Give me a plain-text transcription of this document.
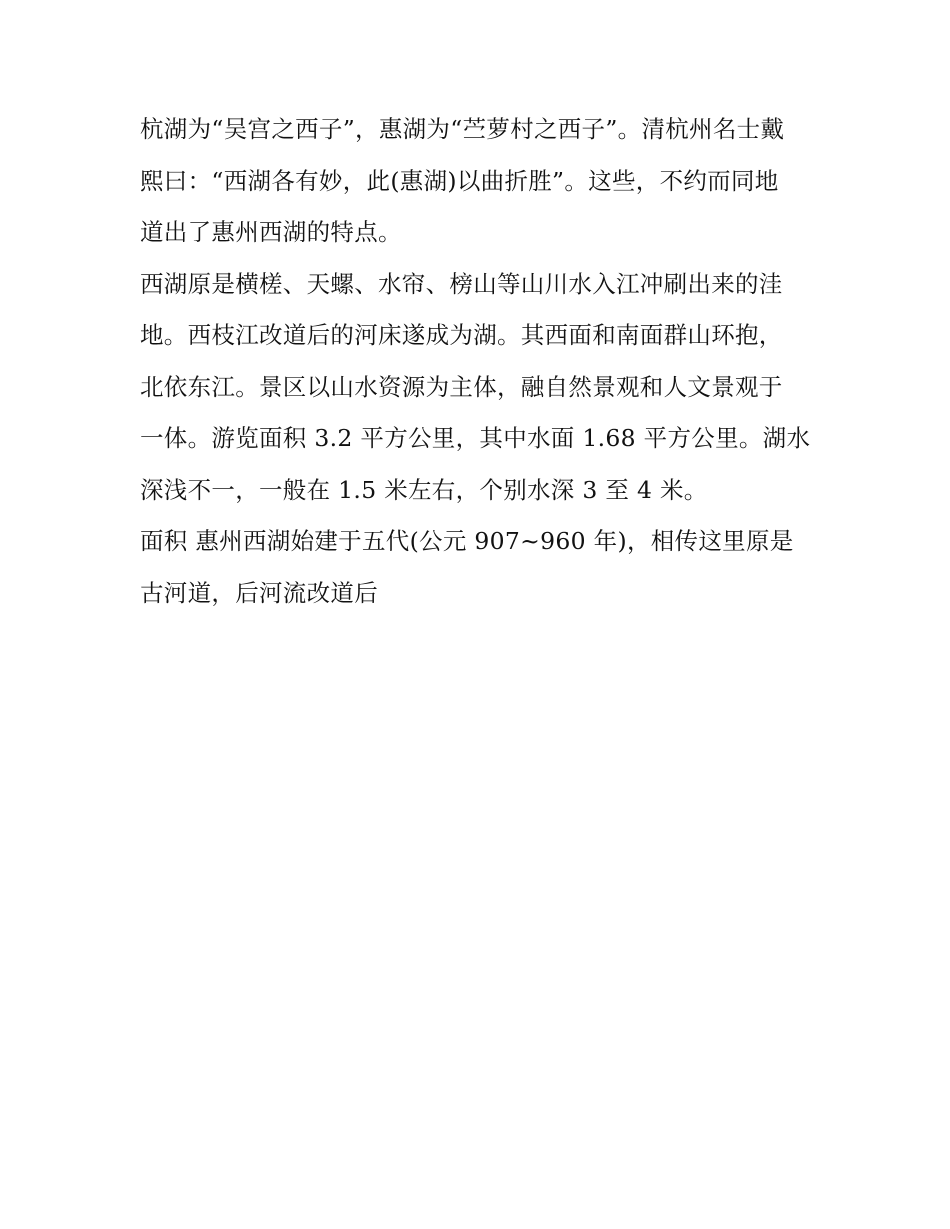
杭湖为“吴宫之西子”，惠湖为“苎萝村之西子”。清杭州名士戴
熙曰：“西湖各有妙，此(惠湖)以曲折胜”。这些，不约而同地
道出了惠州西湖的特点。

西湖原是横槎、天螺、水帘、榜山等山川水入江冲刷出来的洼
地。西枝江改道后的河床遂成为湖。其西面和南面群山环抱，
北依东江。景区以山水资源为主体，融自然景观和人文景观于
一体。游览面积 3.2 平方公里，其中水面 1.68 平方公里。湖水
深浅不一，一般在 1.5 米左右，个别水深 3 至 4 米。

面积 惠州西湖始建于五代(公元 907~960 年)，相传这里原是
古河道，后河流改道后
